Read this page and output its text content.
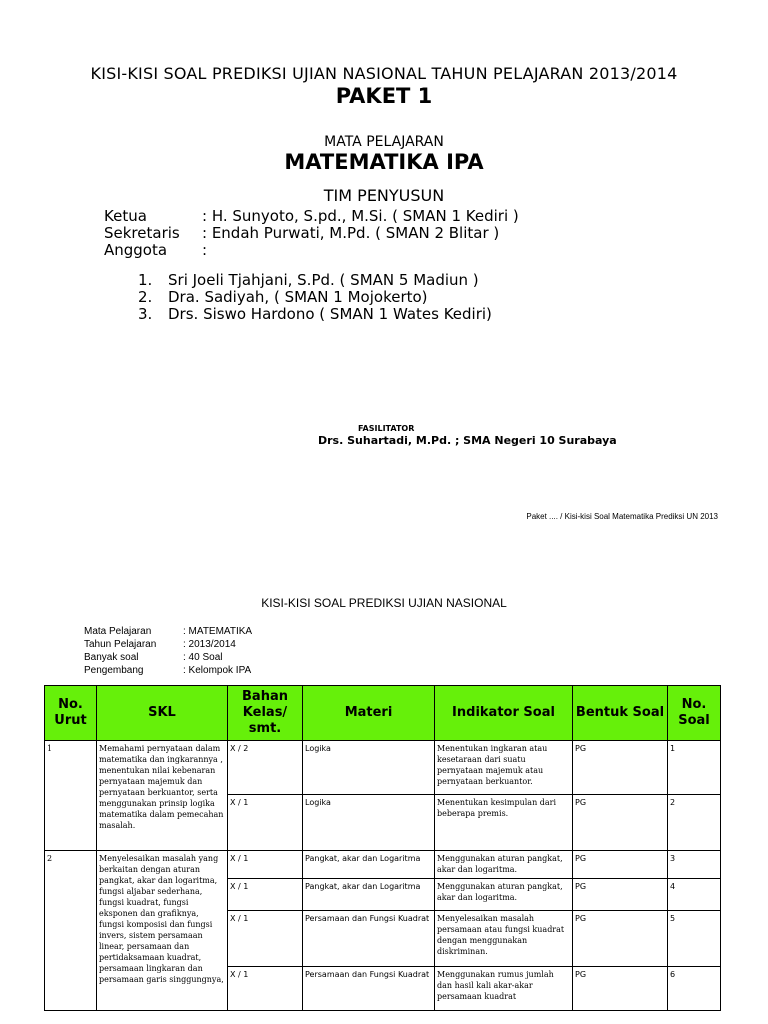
KISI-KISI SOAL PREDIKSI UJIAN NASIONAL TAHUN PELAJARAN 2013/2014
PAKET 1
MATA PELAJARAN
MATEMATIKA IPA
TIM PENYUSUN
Ketua	: H. Sunyoto, S.pd., M.Si. ( SMAN 1 Kediri )
Sekretaris : Endah Purwati, M.Pd. ( SMAN 2 Blitar )
Anggota :
1. Sri Joeli Tjahjani, S.Pd. ( SMAN 5 Madiun )
2. Dra. Sadiyah, ( SMAN 1 Mojokerto)
3. Drs. Siswo Hardono ( SMAN 1 Wates Kediri)
FASILITATOR
Drs. Suhartadi, M.Pd. ; SMA Negeri 10 Surabaya
Paket .... / Kisi-kisi Soal Matematika Prediksi UN 2013
KISI-KISI SOAL PREDIKSI UJIAN NASIONAL
Mata Pelajaran	: MATEMATIKA
Tahun Pelajaran	: 2013/2014
Banyak soal	: 40 Soal
Pengembang	: Kelompok IPA
No. Urut	SKL	Bahan Kelas/ smt.	Materi	Indikator Soal	Bentuk Soal	No. Soal
1	Memahami pernyataan dalam matematika dan ingkarannya , menentukan nilai kebenaran pernyataan majemuk dan pernyataan berkuantor, serta menggunakan prinsip logika matematika dalam pemecahan masalah.	X / 2	Logika	Menentukan ingkaran atau kesetaraan dari suatu pernyataan majemuk atau pernyataan berkuantor.	PG	1
		X / 1	Logika	Menentukan kesimpulan dari beberapa premis.	PG	2
2	Menyelesaikan masalah yang berkaitan dengan aturan pangkat, akar dan logaritma, fungsi aljabar sederhana, fungsi kuadrat, fungsi eksponen dan grafiknya, fungsi komposisi dan fungsi invers, sistem persamaan linear, persamaan dan pertidaksamaan kuadrat, persamaan lingkaran dan persamaan garis singgungnya,	X / 1	Pangkat, akar dan Logaritma	Menggunakan aturan pangkat, akar dan logaritma.	PG	3
		X / 1	Pangkat, akar dan Logaritma	Menggunakan aturan pangkat, akar dan logaritma.	PG	4
		X / 1	Persamaan dan Fungsi Kuadrat	Menyelesaikan masalah persamaan atau fungsi kuadrat dengan menggunakan diskriminan.	PG	5
		X / 1	Persamaan dan Fungsi Kuadrat	Menggunakan rumus jumlah dan hasil kali akar-akar persamaan kuadrat	PG	6
